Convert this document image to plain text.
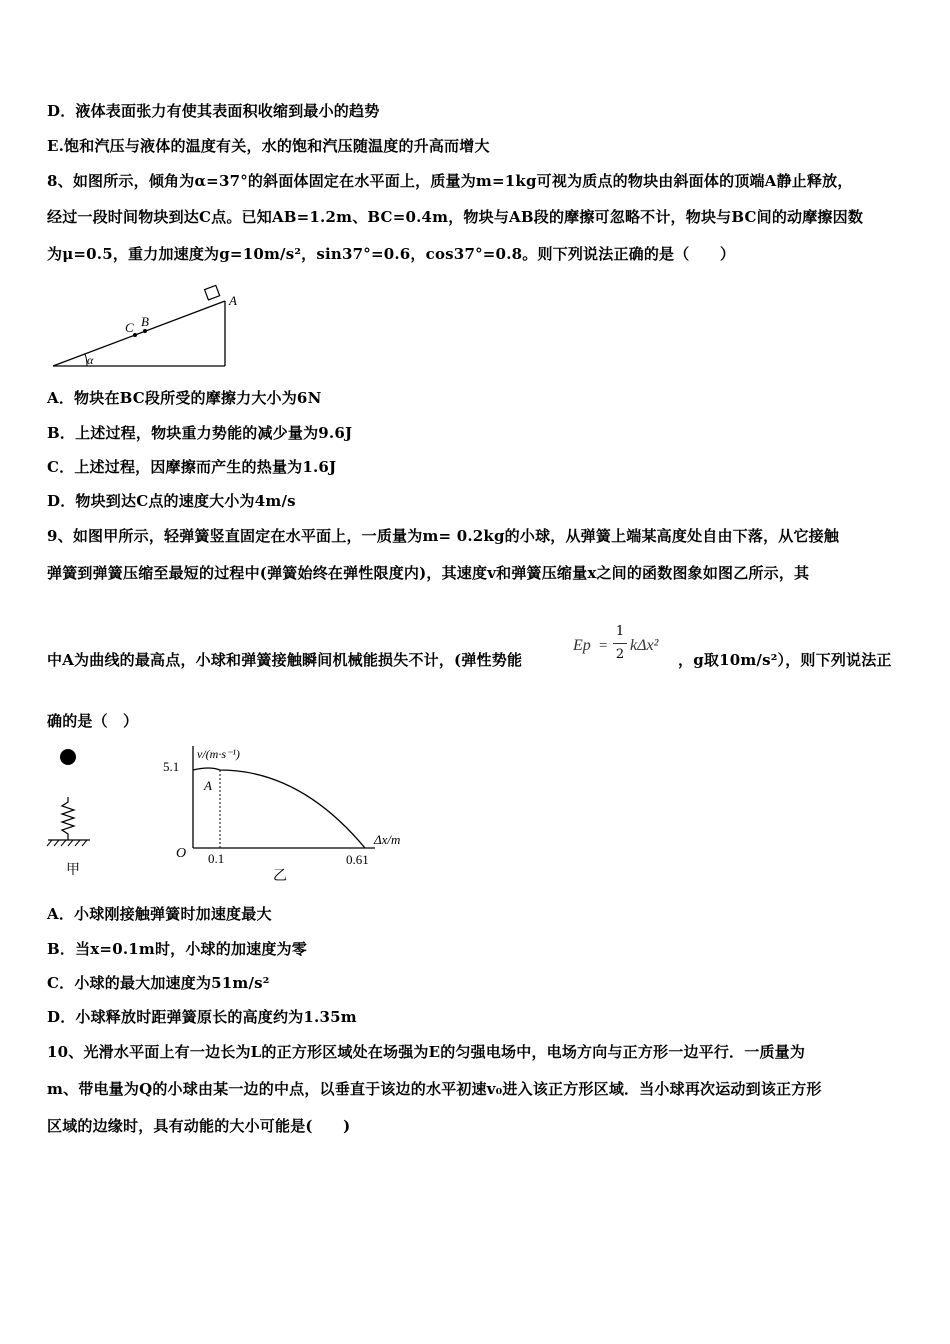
D．液体表面张力有使其表面积收缩到最小的趋势
E.饱和汽压与液体的温度有关，水的饱和汽压随温度的升高而增大
8、如图所示，倾角为α=37°的斜面体固定在水平面上，质量为m=1kg可视为质点的物块由斜面体的顶端A静止释放，
经过一段时间物块到达C点。已知AB=1.2m、BC=0.4m，物块与AB段的摩擦可忽略不计，物块与BC间的动摩擦因数
为μ=0.5，重力加速度为g=10m/s²，sin37°=0.6，cos37°=0.8。则下列说法正确的是（　　）
A
B
C
α
A．物块在BC段所受的摩擦力大小为6N
B．上述过程，物块重力势能的减少量为9.6J
C．上述过程，因摩擦而产生的热量为1.6J
D．物块到达C点的速度大小为4m/s
9、如图甲所示，轻弹簧竖直固定在水平面上，一质量为m= 0.2kg的小球，从弹簧上端某高度处自由下落，从它接触
弹簧到弹簧压缩至最短的过程中(弹簧始终在弹性限度内)，其速度v和弹簧压缩量x之间的函数图象如图乙所示，其
中A为曲线的最高点，小球和弹簧接触瞬间机械能损失不计，(弹性势能
Ep =
1
2
kΔx²
，g取10m/s²），则下列说法正
确的是（　）
甲
v/(m·s⁻¹)
5.1
A
Δx/m
O 0.1	0.61
乙
A．小球刚接触弹簧时加速度最大
B．当x=0.1m时，小球的加速度为零
C．小球的最大加速度为51m/s²
D．小球释放时距弹簧原长的高度约为1.35m
10、光滑水平面上有一边长为L的正方形区域处在场强为E的匀强电场中，电场方向与正方形一边平行．一质量为
m、带电量为Q的小球由某一边的中点，以垂直于该边的水平初速v₀进入该正方形区域．当小球再次运动到该正方形
区域的边缘时，具有动能的大小可能是(　　)
